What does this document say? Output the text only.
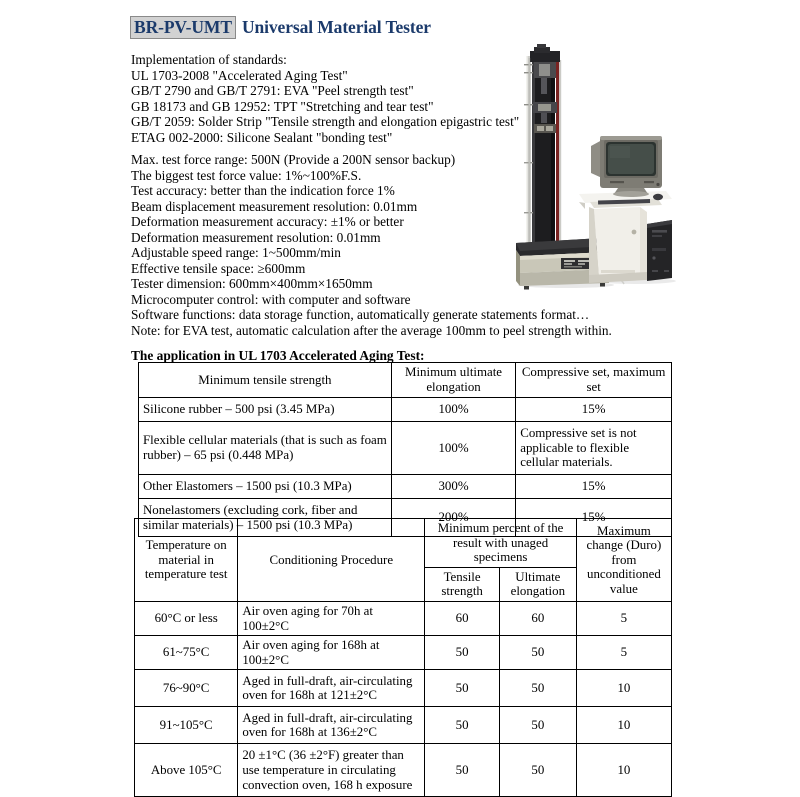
BR-PV-UMT Universal Material Tester
Implementation of standards:
UL 1703-2008 "Accelerated Aging Test"
GB/T 2790 and GB/T 2791: EVA "Peel strength test"
GB 18173 and GB 12952: TPT "Stretching and tear test"
GB/T 2059: Solder Strip "Tensile strength and elongation epigastric test"
ETAG 002-2000: Silicone Sealant "bonding test"
Max. test force range: 500N (Provide a 200N sensor backup)
The biggest test force value: 1%~100%F.S.
Test accuracy: better than the indication force 1%
Beam displacement measurement resolution: 0.01mm
Deformation measurement accuracy: ±1% or better
Deformation measurement resolution: 0.01mm
Adjustable speed range: 1~500mm/min
Effective tensile space: ≥600mm
Tester dimension: 600mm×400mm×1650mm
Microcomputer control: with computer and software
Software functions: data storage function, automatically generate statements format…
Note: for EVA test, automatic calculation after the average 100mm to peel strength within.
The application in UL 1703 Accelerated Aging Test:
Minimum tensile strength	Minimum ultimate elongation	Compressive set, maximum set
Silicone rubber – 500 psi (3.45 MPa)	100%	15%
Flexible cellular materials (that is such as foam rubber) – 65 psi (0.448 MPa)	100%	Compressive set is not applicable to flexible cellular materials.
Other Elastomers – 1500 psi (10.3 MPa)	300%	15%
Nonelastomers (excluding cork, fiber and similar materials) – 1500 psi (10.3 MPa)	200%	15%
Temperature on material in temperature test	Conditioning Procedure	Minimum percent of the result with unaged specimens		Maximum change (Duro) from unconditioned value
		Tensile strength	Ultimate elongation	
60°C or less	Air oven aging for 70h at 100±2°C	60	60	5
61~75°C	Air oven aging for 168h at 100±2°C	50	50	5
76~90°C	Aged in full-draft, air-circulating oven for 168h at 121±2°C	50	50	10
91~105°C	Aged in full-draft, air-circulating oven for 168h at 136±2°C	50	50	10
Above 105°C	20 ±1°C (36 ±2°F) greater than use temperature in circulating convection oven, 168 h exposure	50	50	10
